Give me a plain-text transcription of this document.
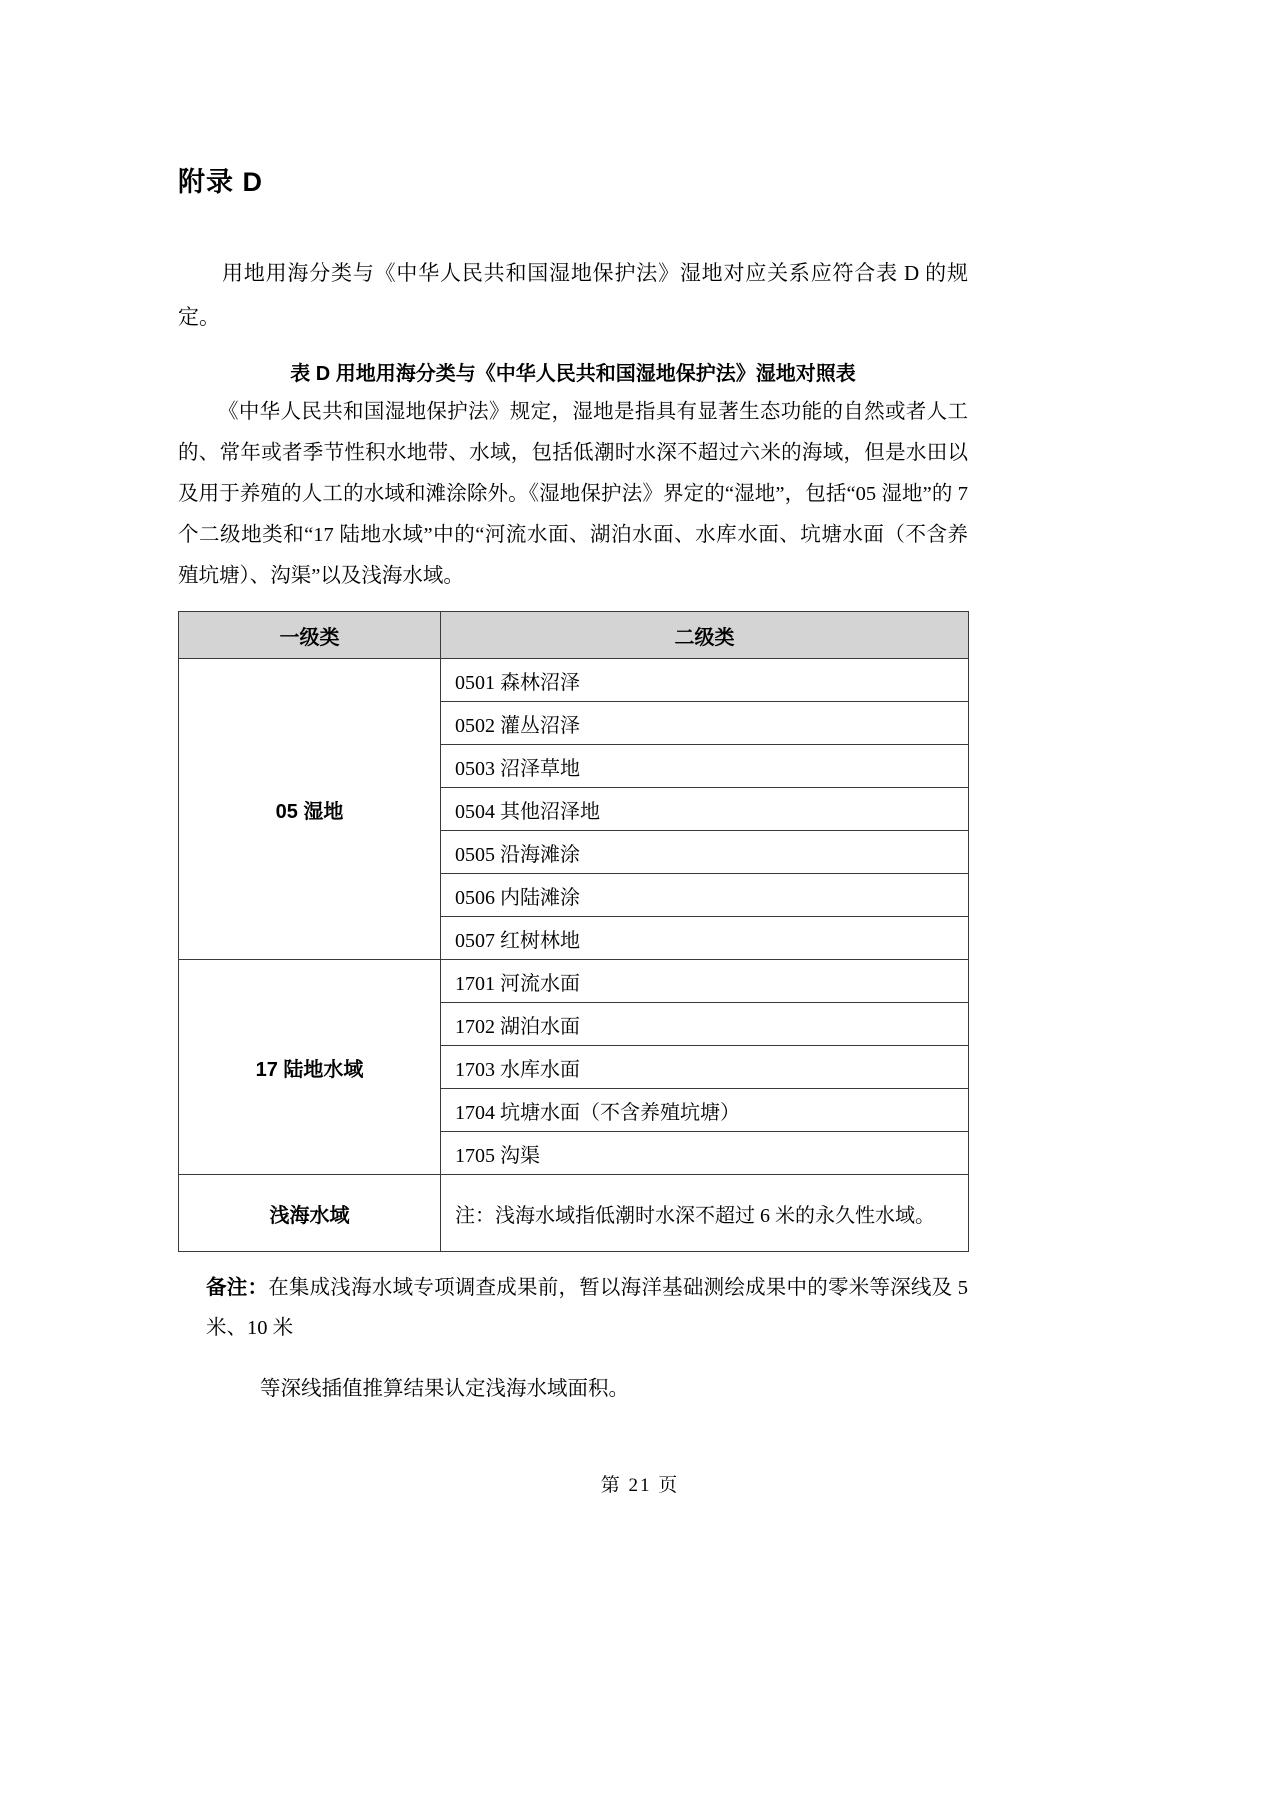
附录 D

用地用海分类与《中华人民共和国湿地保护法》湿地对应关系应符合表 D 的规定。

表 D 用地用海分类与《中华人民共和国湿地保护法》湿地对照表

《中华人民共和国湿地保护法》规定，湿地是指具有显著生态功能的自然或者人工的、常年或者季节性积水地带、水域，包括低潮时水深不超过六米的海域，但是水田以及用于养殖的人工的水域和滩涂除外。《湿地保护法》界定的“湿地”，包括“05 湿地”的 7 个二级地类和“17 陆地水域”中的“河流水面、湖泊水面、水库水面、坑塘水面（不含养殖坑塘）、沟渠”以及浅海水域。

一级类	二级类
05 湿地	0501 森林沼泽
	0502 灌丛沼泽
	0503 沼泽草地
	0504 其他沼泽地
	0505 沿海滩涂
	0506 内陆滩涂
	0507 红树林地
17 陆地水域	1701 河流水面
	1702 湖泊水面
	1703 水库水面
	1704 坑塘水面（不含养殖坑塘）
	1705 沟渠
浅海水域	注：浅海水域指低潮时水深不超过 6 米的永久性水域。

备注：在集成浅海水域专项调查成果前，暂以海洋基础测绘成果中的零米等深线及 5 米、10 米

等深线插值推算结果认定浅海水域面积。

第 21 页
